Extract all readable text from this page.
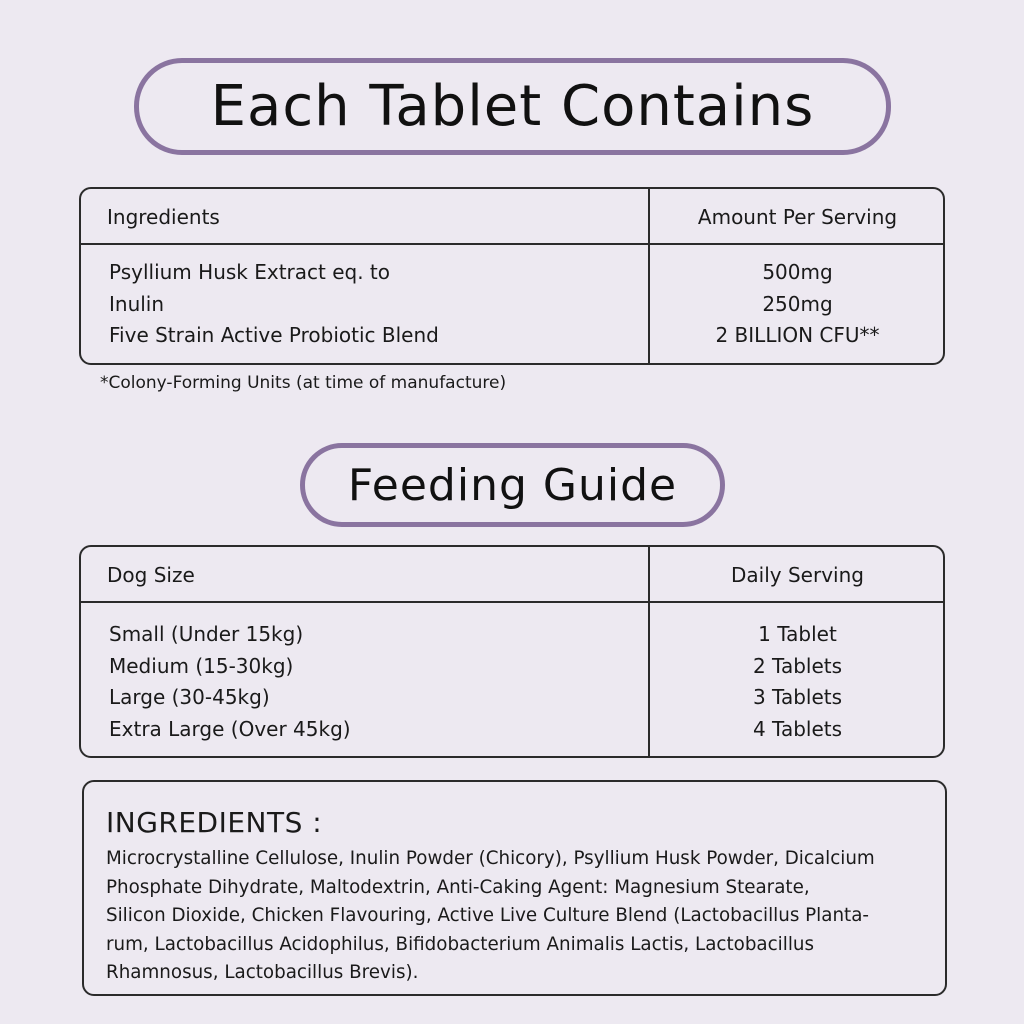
Each Tablet Contains
Ingredients	Amount Per Serving
Psyllium Husk Extract eq. to
Inulin
Five Strain Active Probiotic Blend
500mg
250mg
2 BILLION CFU**
*Colony-Forming Units (at time of manufacture)
Feeding Guide
Dog Size	Daily Serving
Small (Under 15kg)
Medium (15-30kg)
Large (30-45kg)
Extra Large (Over 45kg)
1 Tablet
2 Tablets
3 Tablets
4 Tablets
INGREDIENTS :
Microcrystalline Cellulose, Inulin Powder (Chicory), Psyllium Husk Powder, Dicalcium
Phosphate Dihydrate, Maltodextrin, Anti-Caking Agent: Magnesium Stearate,
Silicon Dioxide, Chicken Flavouring, Active Live Culture Blend (Lactobacillus Planta-
rum, Lactobacillus Acidophilus, Bifidobacterium Animalis Lactis, Lactobacillus
Rhamnosus, Lactobacillus Brevis).
